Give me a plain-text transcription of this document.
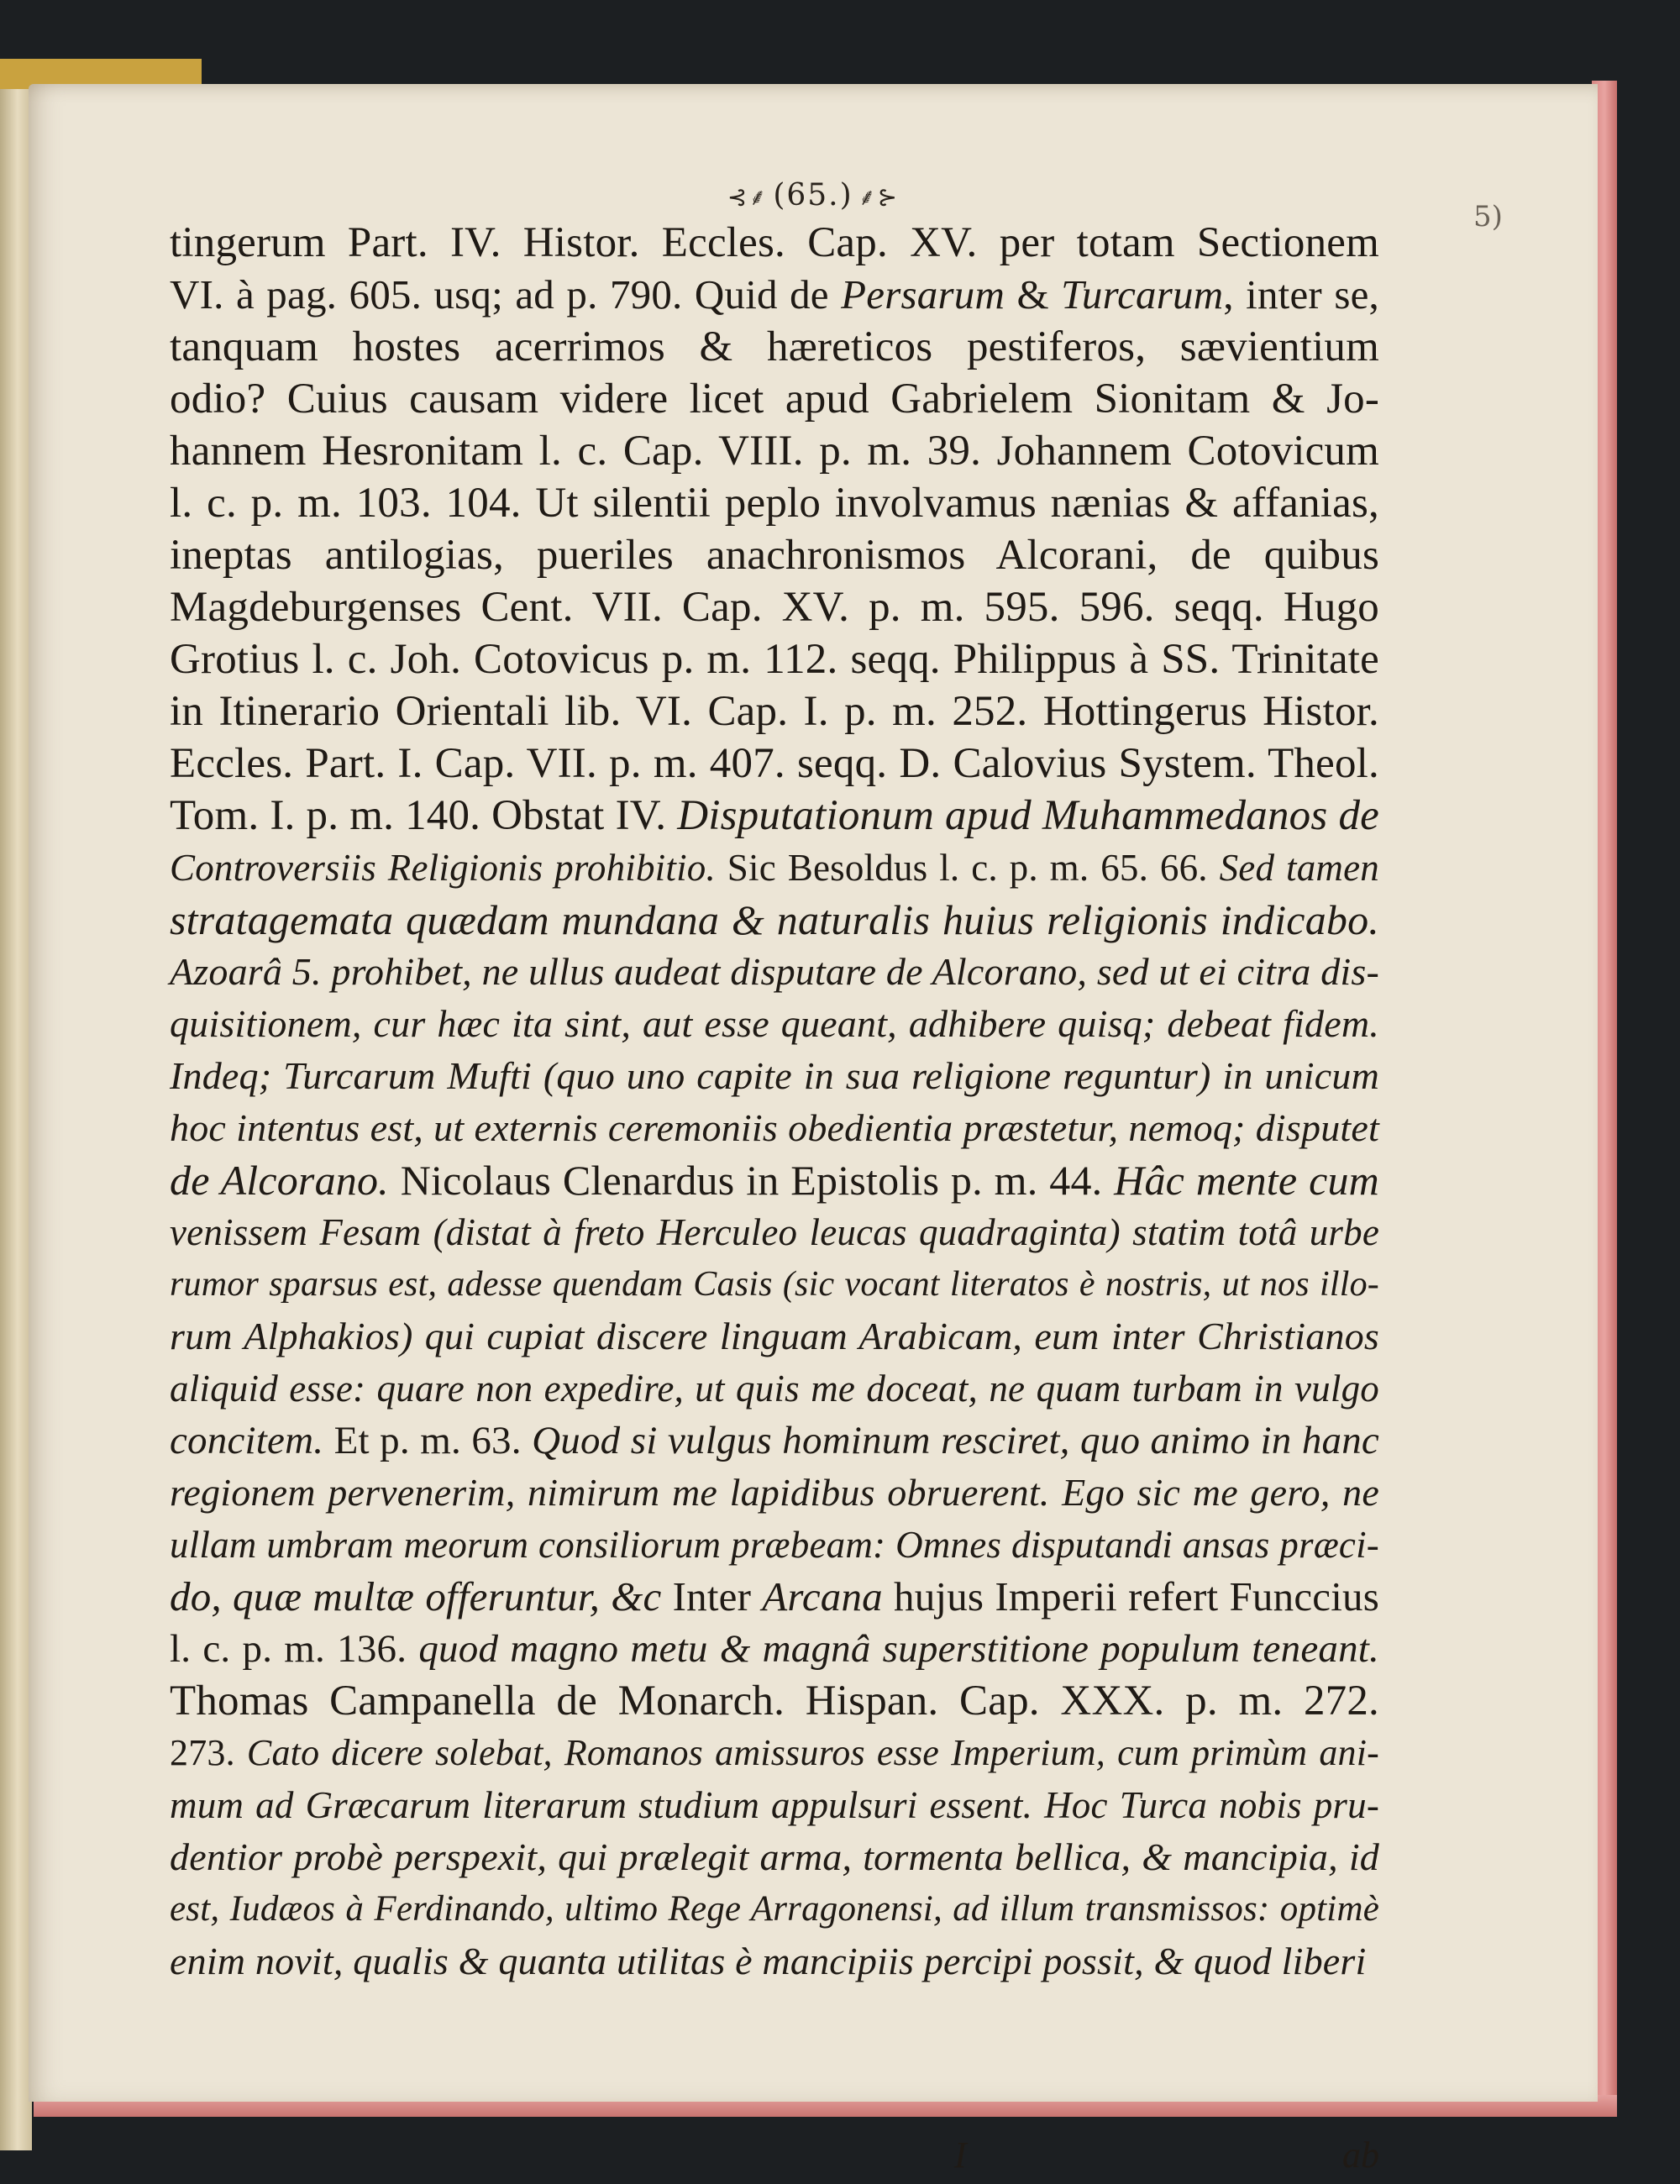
⊰⸙ (65.) ⸙⊱
5)
tingerum Part. IV. Histor. Eccles. Cap. XV. per totam Sectionem
VI. à pag. 605. usq; ad p. 790. Quid de Persarum & Turcarum, inter se,
tanquam hostes acerrimos & hæreticos pestiferos, sævientium
odio? Cuius causam videre licet apud Gabrielem Sionitam & Jo-
hannem Hesronitam l. c. Cap. VIII. p. m. 39. Johannem Cotovicum
l. c. p. m. 103. 104. Ut silentii peplo involvamus nænias & affanias,
ineptas antilogias, pueriles anachronismos Alcorani, de quibus
Magdeburgenses Cent. VII. Cap. XV. p. m. 595. 596. seqq. Hugo
Grotius l. c. Joh. Cotovicus p. m. 112. seqq. Philippus à SS. Trinitate
in Itinerario Orientali lib. VI. Cap. I. p. m. 252. Hottingerus Histor.
Eccles. Part. I. Cap. VII. p. m. 407. seqq. D. Calovius System. Theol.
Tom. I. p. m. 140. Obstat IV. Disputationum apud Muhammedanos de
Controversiis Religionis prohibitio. Sic Besoldus l. c. p. m. 65. 66. Sed tamen
stratagemata quædam mundana & naturalis huius religionis indicabo.
Azoarâ 5. prohibet, ne ullus audeat disputare de Alcorano, sed ut ei citra dis-
quisitionem, cur hæc ita sint, aut esse queant, adhibere quisq; debeat fidem.
Indeq; Turcarum Mufti (quo uno capite in sua religione reguntur) in unicum
hoc intentus est, ut externis ceremoniis obedientia præstetur, nemoq; disputet
de Alcorano. Nicolaus Clenardus in Epistolis p. m. 44. Hâc mente cum
venissem Fesam (distat à freto Herculeo leucas quadraginta) statim totâ urbe
rumor sparsus est, adesse quendam Casis (sic vocant literatos è nostris, ut nos illo-
rum Alphakios) qui cupiat discere linguam Arabicam, eum inter Christianos
aliquid esse: quare non expedire, ut quis me doceat, ne quam turbam in vulgo
concitem. Et p. m. 63. Quod si vulgus hominum resciret, quo animo in hanc
regionem pervenerim, nimirum me lapidibus obruerent. Ego sic me gero, ne
ullam umbram meorum consiliorum præbeam: Omnes disputandi ansas præci-
do, quæ multæ offeruntur, &c Inter Arcana hujus Imperii refert Funccius
l. c. p. m. 136. quod magno metu & magnâ superstitione populum teneant.
Thomas Campanella de Monarch. Hispan. Cap. XXX. p. m. 272.
273. Cato dicere solebat, Romanos amissuros esse Imperium, cum primùm ani-
mum ad Græcarum literarum studium appulsuri essent. Hoc Turca nobis pru-
dentior probè perspexit, qui prælegit arma, tormenta bellica, & mancipia, id
est, Iudæos à Ferdinando, ultimo Rege Arragonensi, ad illum transmissos: optimè
enim novit, qualis & quanta utilitas è mancipiis percipi possit, & quod liberi
I	ab
